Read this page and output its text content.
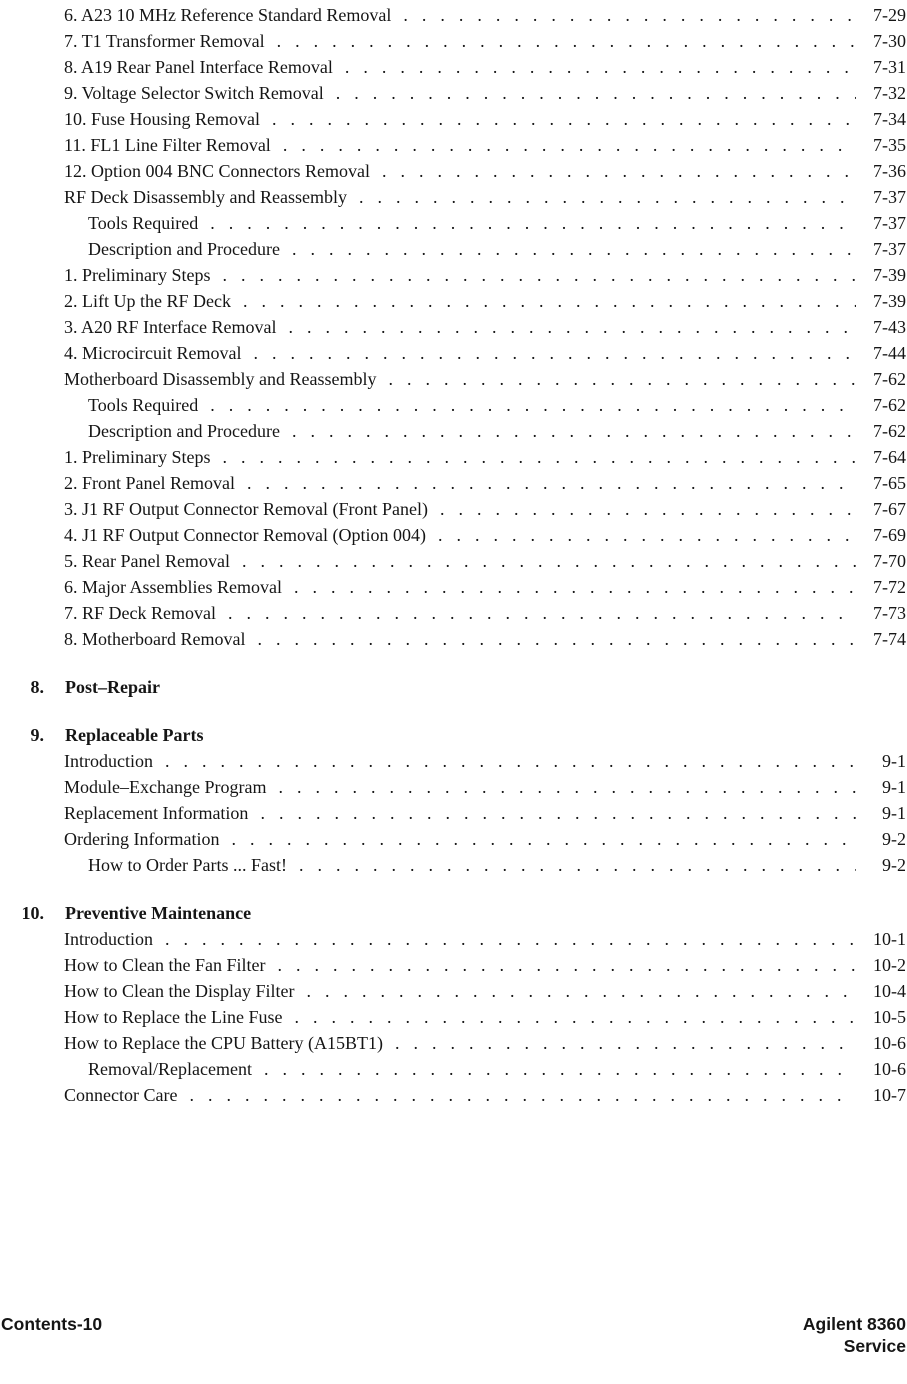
6. A23 10 MHz Reference Standard Removal .....	7-29
7. T1 Transformer Removal .....	7-30
8. A19 Rear Panel Interface Removal .....	7-31
9. Voltage Selector Switch Removal .....	7-32
10. Fuse Housing Removal .....	7-34
11. FL1 Line Filter Removal .....	7-35
12. Option 004 BNC Connectors Removal .....	7-36
RF Deck Disassembly and Reassembly .....	7-37
Tools Required .....	7-37
Description and Procedure .....	7-37
1. Preliminary Steps .....	7-39
2. Lift Up the RF Deck .....	7-39
3. A20 RF Interface Removal .....	7-43
4. Microcircuit Removal .....	7-44
Motherboard Disassembly and Reassembly .....	7-62
Tools Required .....	7-62
Description and Procedure .....	7-62
1. Preliminary Steps .....	7-64
2. Front Panel Removal .....	7-65
3. J1 RF Output Connector Removal (Front Panel) .....	7-67
4. J1 RF Output Connector Removal (Option 004) .....	7-69
5. Rear Panel Removal .....	7-70
6. Major Assemblies Removal .....	7-72
7. RF Deck Removal .....	7-73
8. Motherboard Removal .....	7-74
8. Post–Repair
9. Replaceable Parts
Introduction .....	9-1
Module–Exchange Program .....	9-1
Replacement Information .....	9-1
Ordering Information .....	9-2
How to Order Parts ... Fast! .....	9-2
10. Preventive Maintenance
Introduction .....	10-1
How to Clean the Fan Filter .....	10-2
How to Clean the Display Filter .....	10-4
How to Replace the Line Fuse .....	10-5
How to Replace the CPU Battery (A15BT1) .....	10-6
Removal/Replacement .....	10-6
Connector Care .....	10-7
Contents-10	Agilent 8360
Service
